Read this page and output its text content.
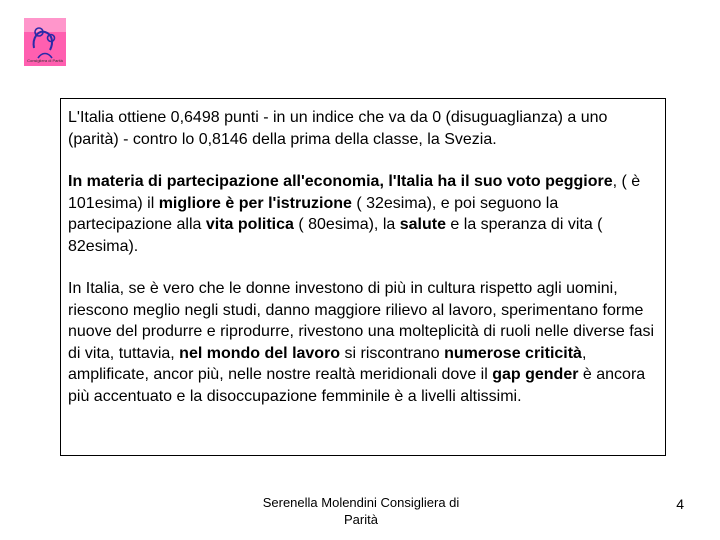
Consigliera di Parità

L'Italia ottiene 0,6498 punti - in un indice che va da 0 (disuguaglianza) a uno (parità) - contro lo 0,8146 della prima della classe, la Svezia.

In materia di partecipazione all'economia, l'Italia ha il suo voto peggiore, ( è 101esima) il migliore è per l'istruzione ( 32esima), e poi seguono la partecipazione alla vita politica ( 80esima), la salute e la speranza di vita ( 82esima).

In Italia, se è vero che le donne investono di più in cultura rispetto agli uomini, riescono meglio negli studi, danno maggiore rilievo al lavoro, sperimentano forme nuove del produrre e riprodurre, rivestono una molteplicità di ruoli nelle diverse fasi di vita, tuttavia, nel mondo del lavoro si riscontrano numerose criticità, amplificate, ancor più, nelle nostre realtà meridionali dove il gap gender è ancora più accentuato e la disoccupazione femminile è a livelli altissimi.

Serenella Molendini Consigliera di Parità
4
